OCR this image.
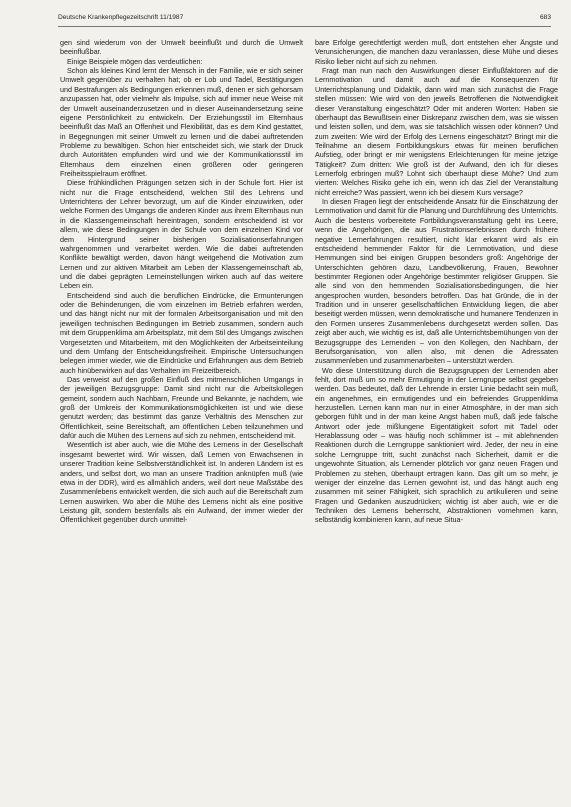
Deutsche Krankenpflegezeitschrift 11/1987	683

gen sind wiederum von der Umwelt beeinflußt und durch die Umwelt beeinflußbar.

Einige Beispiele mögen das verdeutlichen:

Schon als kleines Kind lernt der Mensch in der Familie, wie er sich seiner Umwelt gegenüber zu verhalten hat; ob er Lob und Tadel, Bestätigungen und Bestrafungen als Bedingungen erkennen muß, denen er sich gehorsam anzupassen hat, oder vielmehr als Impulse, sich auf immer neue Weise mit der Umwelt auseinanderzusetzen und in dieser Auseinandersetzung seine eigene Persönlichkeit zu entwickeln. Der Erziehungsstil im Elternhaus beeinflußt das Maß an Offenheit und Flexibilität, das es dem Kind gestattet, in Begegnungen mit seiner Umwelt zu lernen und die dabei auftretenden Probleme zu bewältigen. Schon hier entscheidet sich, wie stark der Druck durch Autoritäten empfunden wird und wie der Kommunikationsstil im Elternhaus dem einzelnen einen größeren oder geringeren Freiheitsspielraum eröffnet.

Diese frühkindlichen Prägungen setzen sich in der Schule fort. Hier ist nicht nur die Frage entscheidend, welchen Stil des Lehrens und Unterrichtens der Lehrer bevorzugt, um auf die Kinder einzuwirken, oder welche Formen des Umgangs die anderen Kinder aus ihrem Elternhaus nun in die Klassengemeinschaft hereintragen, sondern entscheidend ist vor allem, wie diese Bedingungen in der Schule von dem einzelnen Kind vor dem Hintergrund seiner bisherigen Sozialisationserfahrungen wahrgenommen und verarbeitet werden. Wie die dabei auftretenden Konflikte bewältigt werden, davon hängt weitgehend die Motivation zum Lernen und zur aktiven Mitarbeit am Leben der Klassengemeinschaft ab, und die dabei geprägten Lerneinstellungen wirken auch auf das weitere Leben ein.

Entscheidend sind auch die beruflichen Eindrücke, die Ermunterungen oder die Behinderungen, die vom einzelnen im Betrieb erfahren werden, und das hängt nicht nur mit der formalen Arbeitsorganisation und mit den jeweiligen technischen Bedingungen im Betrieb zusammen, sondern auch mit dem Gruppenklima am Arbeitsplatz, mit dem Stil des Umgangs zwischen Vorgesetzten und Mitarbeitern, mit den Möglichkeiten der Arbeitseinteilung und dem Umfang der Entscheidungsfreiheit. Empirische Untersuchungen belegen immer wieder, wie die Eindrücke und Erfahrungen aus dem Betrieb auch hinüberwirken auf das Verhalten im Freizeitbereich.

Das verweist auf den großen Einfluß des mitmenschlichen Umgangs in der jeweiligen Bezugsgruppe: Damit sind nicht nur die Arbeitskollegen gemeint, sondern auch Nachbarn, Freunde und Bekannte, je nachdem, wie groß der Umkreis der Kommunikationsmöglichkeiten ist und wie diese genutzt werden; das bestimmt das ganze Verhältnis des Menschen zur Öffentlichkeit, seine Bereitschaft, am öffentlichen Leben teilzunehmen und dafür auch die Mühen des Lernens auf sich zu nehmen, entscheidend mit.

Wesentlich ist aber auch, wie die Mühe des Lernens in der Gesellschaft insgesamt bewertet wird. Wir wissen, daß Lernen von Erwachsenen in unserer Tradition keine Selbstverständlichkeit ist. In anderen Ländern ist es anders, und selbst dort, wo man an unsere Tradition anknüpfen muß (wie etwa in der DDR), wird es allmählich anders, weil dort neue Maßstäbe des Zusammenlebens entwickelt werden, die sich auch auf die Bereitschaft zum Lernen auswirken. Wo aber die Mühe des Lernens nicht als eine positive Leistung gilt, sondern bestenfalls als ein Aufwand, der immer wieder der Öffentlichkeit gegenüber durch unmittel-

bare Erfolge gerechtfertigt werden muß, dort entstehen eher Ängste und Verunsicherungen, die manchen dazu veranlassen, diese Mühe und dieses Risiko lieber nicht auf sich zu nehmen.

Fragt man nun nach den Auswirkungen dieser Einflußfaktoren auf die Lernmotivation und damit auch auf die Konsequenzen für Unterrichtsplanung und Didaktik, dann wird man sich zunächst die Frage stellen müssen: Wie wird von den jeweils Betroffenen die Notwendigkeit dieser Veranstaltung eingeschätzt? Oder mit anderen Worten: Haben sie überhaupt das Bewußtsein einer Diskrepanz zwischen dem, was sie wissen und leisten sollen, und dem, was sie tatsächlich wissen oder können? Und zum zweiten: Wie wird der Erfolg des Lernens eingeschätzt? Bringt mir die Teilnahme an diesem Fortbildungskurs etwas für meinen beruflichen Aufstieg, oder bringt er mir wenigstens Erleichterungen für meine jetzige Tätigkeit? Zum dritten: Wie groß ist der Aufwand, den ich für dieses Lernerfolg erbringen muß? Lohnt sich überhaupt diese Mühe? Und zum vierten: Welches Risiko gehe ich ein, wenn ich das Ziel der Veranstaltung nicht erreiche? Was passiert, wenn ich bei diesem Kurs versage?

In diesen Fragen liegt der entscheidende Ansatz für die Einschätzung der Lernmotivation und damit für die Planung und Durchführung des Unterrichts. Auch die bestens vorbereitete Fortbildungsveranstaltung geht ins Leere, wenn die Angehörigen, die aus Frustrationserlebnissen durch frühere negative Lernerfahrungen resultiert, nicht klar erkannt wird als ein entscheidend hemmender Faktor für die Lernmotivation, und diese Hemmungen sind bei einigen Gruppen besonders groß: Angehörige der Unterschichten gehören dazu, Landbevölkerung, Frauen, Bewohner bestimmter Regionen oder Angehörige bestimmter religiöser Gruppen. Sie alle sind von den hemmenden Sozialisationsbedingungen, die hier angesprochen wurden, besonders betroffen. Das hat Gründe, die in der Tradition und in unserer gesellschaftlichen Entwicklung liegen, die aber beseitigt werden müssen, wenn demokratische und humanere Tendenzen in den Formen unseres Zusammenlebens durchgesetzt werden sollen. Das zeigt aber auch, wie wichtig es ist, daß alle Unterrichtsbemühungen von der Bezugsgruppe des Lernenden – von den Kollegen, den Nachbarn, der Berufsorganisation, von allen also, mit denen die Adressaten zusammenleben und zusammenarbeiten – unterstützt werden.

Wo diese Unterstützung durch die Bezugsgruppen der Lernenden aber fehlt, dort muß um so mehr Ermutigung in der Lerngruppe selbst gegeben werden. Das bedeutet, daß der Lehrende in erster Linie bedacht sein muß, ein angenehmes, ein ermutigendes und ein befreiendes Gruppenklima herzustellen. Lernen kann man nur in einer Atmosphäre, in der man sich geborgen fühlt und in der man keine Angst haben muß, daß jede falsche Antwort oder jede mißlungene Eigentätigkeit sofort mit Tadel oder Herablassung oder – was häufig noch schlimmer ist – mit ablehnenden Reaktionen durch die Lerngruppe sanktioniert wird. Jeder, der neu in eine solche Lerngruppe tritt, sucht zunächst nach Sicherheit, damit er die ungewohnte Situation, als Lernender plötzlich vor ganz neuen Fragen und Problemen zu stehen, überhaupt ertragen kann. Das gilt um so mehr, je weniger der einzelne das Lernen gewohnt ist, und das hängt auch eng zusammen mit seiner Fähigkeit, sich sprachlich zu artikulieren und seine Fragen und Gedanken auszudrücken; wichtig ist aber auch, wie er die Techniken des Lernens beherrscht, Abstraktionen vornehmen kann, selbständig kombinieren kann, auf neue Situa-
